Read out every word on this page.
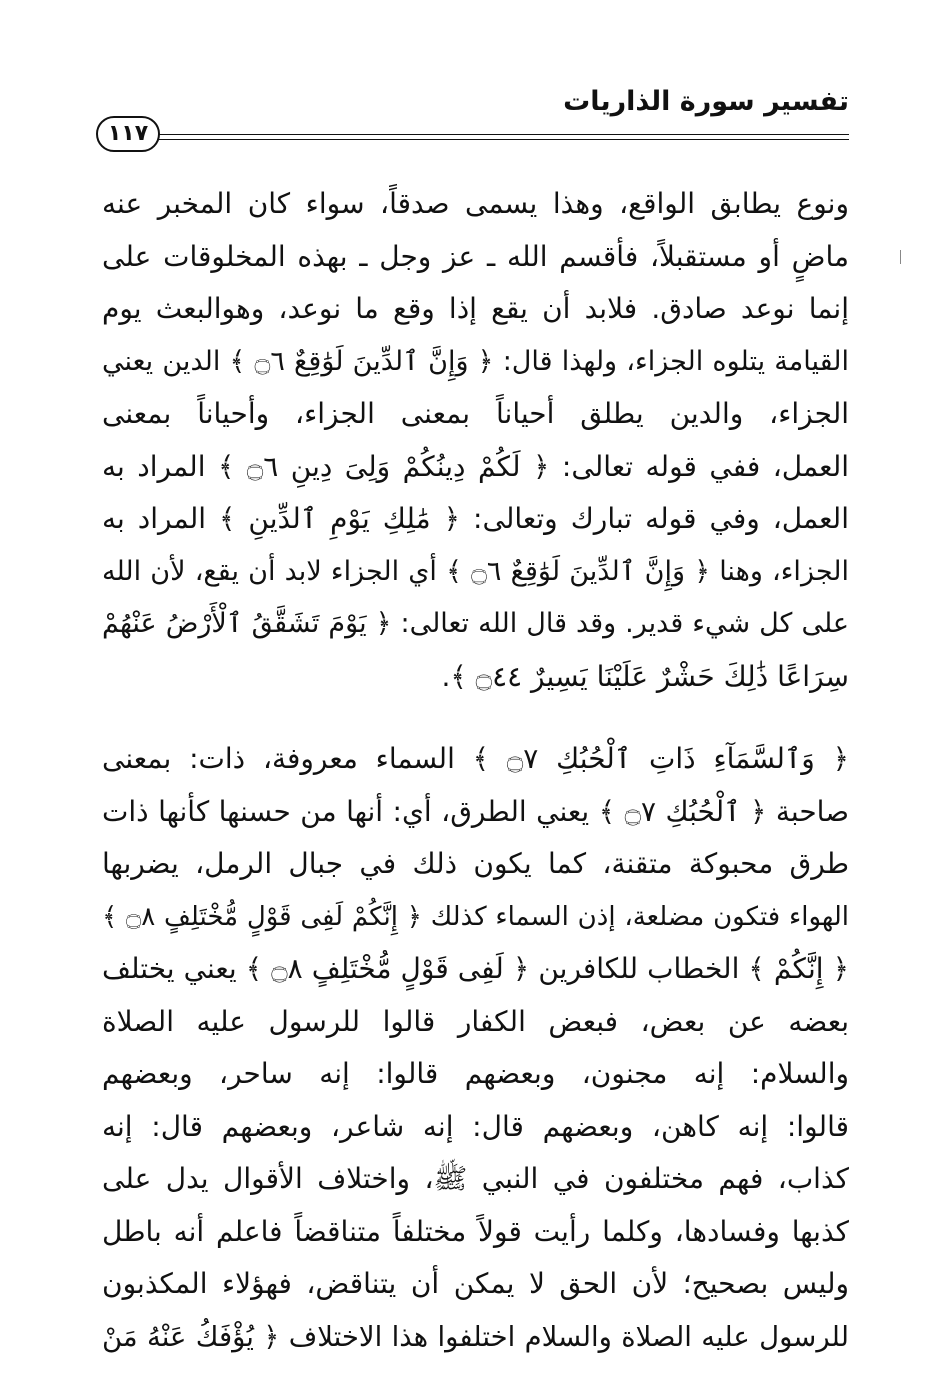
تفسير سورة الذاريات
١١٧
ونوع يطابق الواقع، وهذا يسمى صدقاً، سواء كان المخبر عنه
ماضٍ أو مستقبلاً، فأقسم الله ـ عز وجل ـ بهذه المخلوقات على
إنما نوعد صادق. فلابد أن يقع إذا وقع ما نوعد، وهوالبعث يوم
القيامة يتلوه الجزاء، ولهذا قال: ﴿ وَإِنَّ ٱلدِّينَ لَوَٰقِعٌ ۝٦ ﴾ الدين يعني
الجزاء، والدين يطلق أحياناً بمعنى الجزاء، وأحياناً بمعنى
العمل، ففي قوله تعالى: ﴿ لَكُمْ دِينُكُمْ وَلِىَ دِينِ ۝٦ ﴾ المراد به
العمل، وفي قوله تبارك وتعالى: ﴿ مَٰلِكِ يَوْمِ ٱلدِّينِ ﴾ المراد به
الجزاء، وهنا ﴿ وَإِنَّ ٱلدِّينَ لَوَٰقِعٌ ۝٦ ﴾ أي الجزاء لابد أن يقع، لأن الله
على كل شيء قدير. وقد قال الله تعالى: ﴿ يَوْمَ تَشَقَّقُ ٱلْأَرْضُ عَنْهُمْ
سِرَاعًا ذَٰلِكَ حَشْرٌ عَلَيْنَا يَسِيرٌ ۝٤٤ ﴾.
﴿ وَٱلسَّمَآءِ ذَاتِ ٱلْحُبُكِ ۝٧ ﴾ السماء معروفة، ذات: بمعنى
صاحبة ﴿ ٱلْحُبُكِ ۝٧ ﴾ يعني الطرق، أي: أنها من حسنها كأنها ذات
طرق محبوكة متقنة، كما يكون ذلك في جبال الرمل، يضربها
الهواء فتكون مضلعة، إذن السماء كذلك ﴿ إِنَّكُمْ لَفِى قَوْلٍ مُّخْتَلِفٍ ۝٨ ﴾
﴿ إِنَّكُمْ ﴾ الخطاب للكافرين ﴿ لَفِى قَوْلٍ مُّخْتَلِفٍ ۝٨ ﴾ يعني يختلف
بعضه عن بعض، فبعض الكفار قالوا للرسول عليه الصلاة
والسلام: إنه مجنون، وبعضهم قالوا: إنه ساحر، وبعضهم
قالوا: إنه كاهن، وبعضهم قال: إنه شاعر، وبعضهم قال: إنه
كذاب، فهم مختلفون في النبي ﷺ، واختلاف الأقوال يدل على
كذبها وفسادها، وكلما رأيت قولاً مختلفاً متناقضاً فاعلم أنه باطل
وليس بصحيح؛ لأن الحق لا يمكن أن يتناقض، فهؤلاء المكذبون
للرسول عليه الصلاة والسلام اختلفوا هذا الاختلاف ﴿ يُؤْفَكُ عَنْهُ مَنْ
